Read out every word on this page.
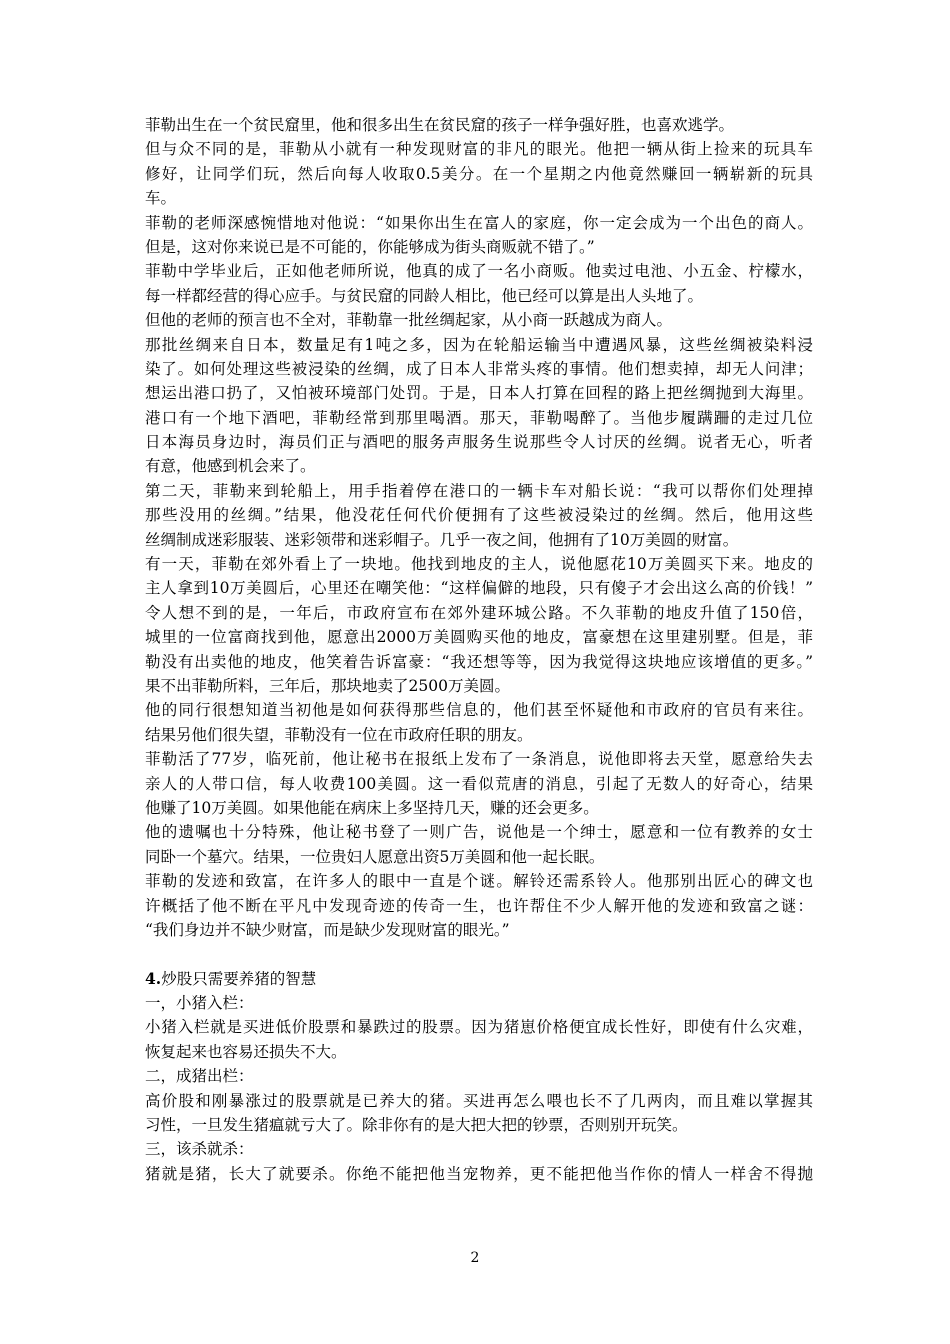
菲勒出生在一个贫民窟里，他和很多出生在贫民窟的孩子一样争强好胜，也喜欢逃学。
但与众不同的是，菲勒从小就有一种发现财富的非凡的眼光。他把一辆从街上捡来的玩具车
修好，让同学们玩，然后向每人收取0.5美分。在一个星期之内他竟然赚回一辆崭新的玩具
车。
菲勒的老师深感惋惜地对他说：“如果你出生在富人的家庭，你一定会成为一个出色的商人。
但是，这对你来说已是不可能的，你能够成为街头商贩就不错了。”
菲勒中学毕业后，正如他老师所说，他真的成了一名小商贩。他卖过电池、小五金、柠檬水，
每一样都经营的得心应手。与贫民窟的同龄人相比，他已经可以算是出人头地了。
但他的老师的预言也不全对，菲勒靠一批丝绸起家，从小商一跃越成为商人。
那批丝绸来自日本，数量足有1吨之多，因为在轮船运输当中遭遇风暴，这些丝绸被染料浸
染了。如何处理这些被浸染的丝绸，成了日本人非常头疼的事情。他们想卖掉，却无人问津；
想运出港口扔了，又怕被环境部门处罚。于是，日本人打算在回程的路上把丝绸抛到大海里。
港口有一个地下酒吧，菲勒经常到那里喝酒。那天，菲勒喝醉了。当他步履蹒跚的走过几位
日本海员身边时，海员们正与酒吧的服务声服务生说那些令人讨厌的丝绸。说者无心，听者
有意，他感到机会来了。
第二天，菲勒来到轮船上，用手指着停在港口的一辆卡车对船长说：“我可以帮你们处理掉
那些没用的丝绸。”结果，他没花任何代价便拥有了这些被浸染过的丝绸。然后，他用这些
丝绸制成迷彩服装、迷彩领带和迷彩帽子。几乎一夜之间，他拥有了10万美圆的财富。
有一天，菲勒在郊外看上了一块地。他找到地皮的主人，说他愿花10万美圆买下来。地皮的
主人拿到10万美圆后，心里还在嘲笑他：“这样偏僻的地段，只有傻子才会出这么高的价钱！”
令人想不到的是，一年后，市政府宣布在郊外建环城公路。不久菲勒的地皮升值了150倍，
城里的一位富商找到他，愿意出2000万美圆购买他的地皮，富豪想在这里建别墅。但是，菲
勒没有出卖他的地皮，他笑着告诉富豪：“我还想等等，因为我觉得这块地应该增值的更多。”
果不出菲勒所料，三年后，那块地卖了2500万美圆。
他的同行很想知道当初他是如何获得那些信息的，他们甚至怀疑他和市政府的官员有来往。
结果另他们很失望，菲勒没有一位在市政府任职的朋友。
菲勒活了77岁，临死前，他让秘书在报纸上发布了一条消息，说他即将去天堂，愿意给失去
亲人的人带口信，每人收费100美圆。这一看似荒唐的消息，引起了无数人的好奇心，结果
他赚了10万美圆。如果他能在病床上多坚持几天，赚的还会更多。
他的遗嘱也十分特殊，他让秘书登了一则广告，说他是一个绅士，愿意和一位有教养的女士
同卧一个墓穴。结果，一位贵妇人愿意出资5万美圆和他一起长眠。
菲勒的发迹和致富，在许多人的眼中一直是个谜。解铃还需系铃人。他那别出匠心的碑文也
许概括了他不断在平凡中发现奇迹的传奇一生，也许帮住不少人解开他的发迹和致富之谜：
“我们身边并不缺少财富，而是缺少发现财富的眼光。”
4.炒股只需要养猪的智慧
一，小猪入栏：
小猪入栏就是买进低价股票和暴跌过的股票。因为猪崽价格便宜成长性好，即使有什么灾难，
恢复起来也容易还损失不大。
二，成猪出栏：
高价股和刚暴涨过的股票就是已养大的猪。买进再怎么喂也长不了几两肉，而且难以掌握其
习性，一旦发生猪瘟就亏大了。除非你有的是大把大把的钞票，否则别开玩笑。
三，该杀就杀：
猪就是猪，长大了就要杀。你绝不能把他当宠物养，更不能把他当作你的情人一样舍不得抛
2
